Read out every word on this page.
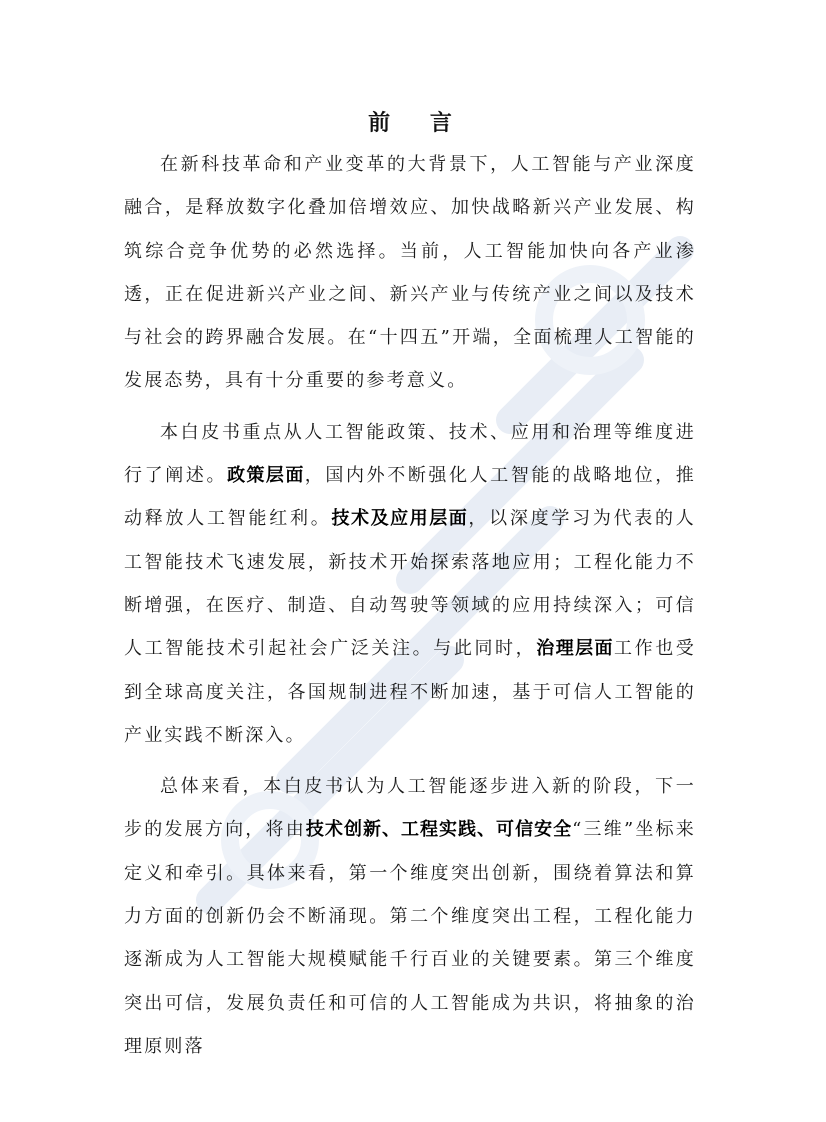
前 言

在新科技革命和产业变革的大背景下，人工智能与产业深度融合，是释放数字化叠加倍增效应、加快战略新兴产业发展、构筑综合竞争优势的必然选择。当前，人工智能加快向各产业渗透，正在促进新兴产业之间、新兴产业与传统产业之间以及技术与社会的跨界融合发展。在“十四五”开端，全面梳理人工智能的发展态势，具有十分重要的参考意义。

本白皮书重点从人工智能政策、技术、应用和治理等维度进行了阐述。政策层面，国内外不断强化人工智能的战略地位，推动释放人工智能红利。技术及应用层面，以深度学习为代表的人工智能技术飞速发展，新技术开始探索落地应用；工程化能力不断增强，在医疗、制造、自动驾驶等领域的应用持续深入；可信人工智能技术引起社会广泛关注。与此同时，治理层面工作也受到全球高度关注，各国规制进程不断加速，基于可信人工智能的产业实践不断深入。

总体来看，本白皮书认为人工智能逐步进入新的阶段，下一步的发展方向，将由技术创新、工程实践、可信安全“三维”坐标来定义和牵引。具体来看，第一个维度突出创新，围绕着算法和算力方面的创新仍会不断涌现。第二个维度突出工程，工程化能力逐渐成为人工智能大规模赋能千行百业的关键要素。第三个维度突出可信，发展负责任和可信的人工智能成为共识，将抽象的治理原则落
